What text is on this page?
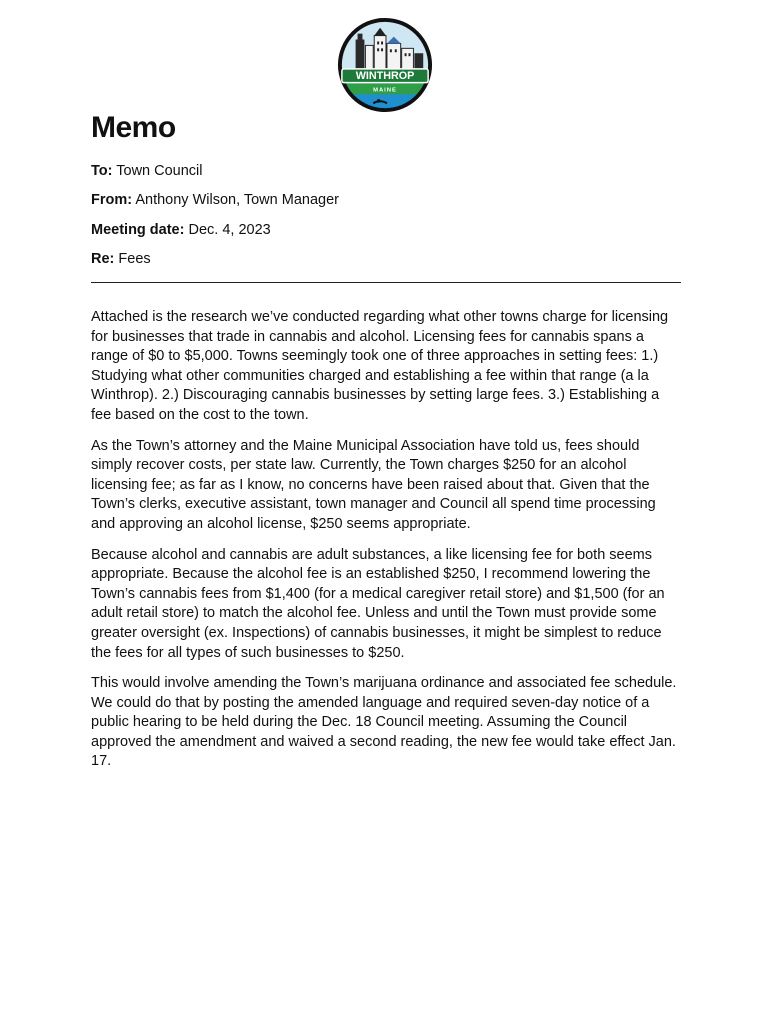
WINTHROP
MAINE
Memo
To: Town Council
From: Anthony Wilson, Town Manager
Meeting date: Dec. 4, 2023
Re: Fees

Attached is the research we’ve conducted regarding what other towns charge for licensing for businesses that trade in cannabis and alcohol. Licensing fees for cannabis spans a range of $0 to $5,000. Towns seemingly took one of three approaches in setting fees: 1.) Studying what other communities charged and establishing a fee within that range (a la Winthrop). 2.) Discouraging cannabis businesses by setting large fees. 3.) Establishing a fee based on the cost to the town.

As the Town’s attorney and the Maine Municipal Association have told us, fees should simply recover costs, per state law. Currently, the Town charges $250 for an alcohol licensing fee; as far as I know, no concerns have been raised about that. Given that the Town’s clerks, executive assistant, town manager and Council all spend time processing and approving an alcohol license, $250 seems appropriate.

Because alcohol and cannabis are adult substances, a like licensing fee for both seems appropriate. Because the alcohol fee is an established $250, I recommend lowering the Town’s cannabis fees from $1,400 (for a medical caregiver retail store) and $1,500 (for an adult retail store) to match the alcohol fee. Unless and until the Town must provide some greater oversight (ex. Inspections) of cannabis businesses, it might be simplest to reduce the fees for all types of such businesses to $250.

This would involve amending the Town’s marijuana ordinance and associated fee schedule. We could do that by posting the amended language and required seven-day notice of a public hearing to be held during the Dec. 18 Council meeting. Assuming the Council approved the amendment and waived a second reading, the new fee would take effect Jan. 17.
